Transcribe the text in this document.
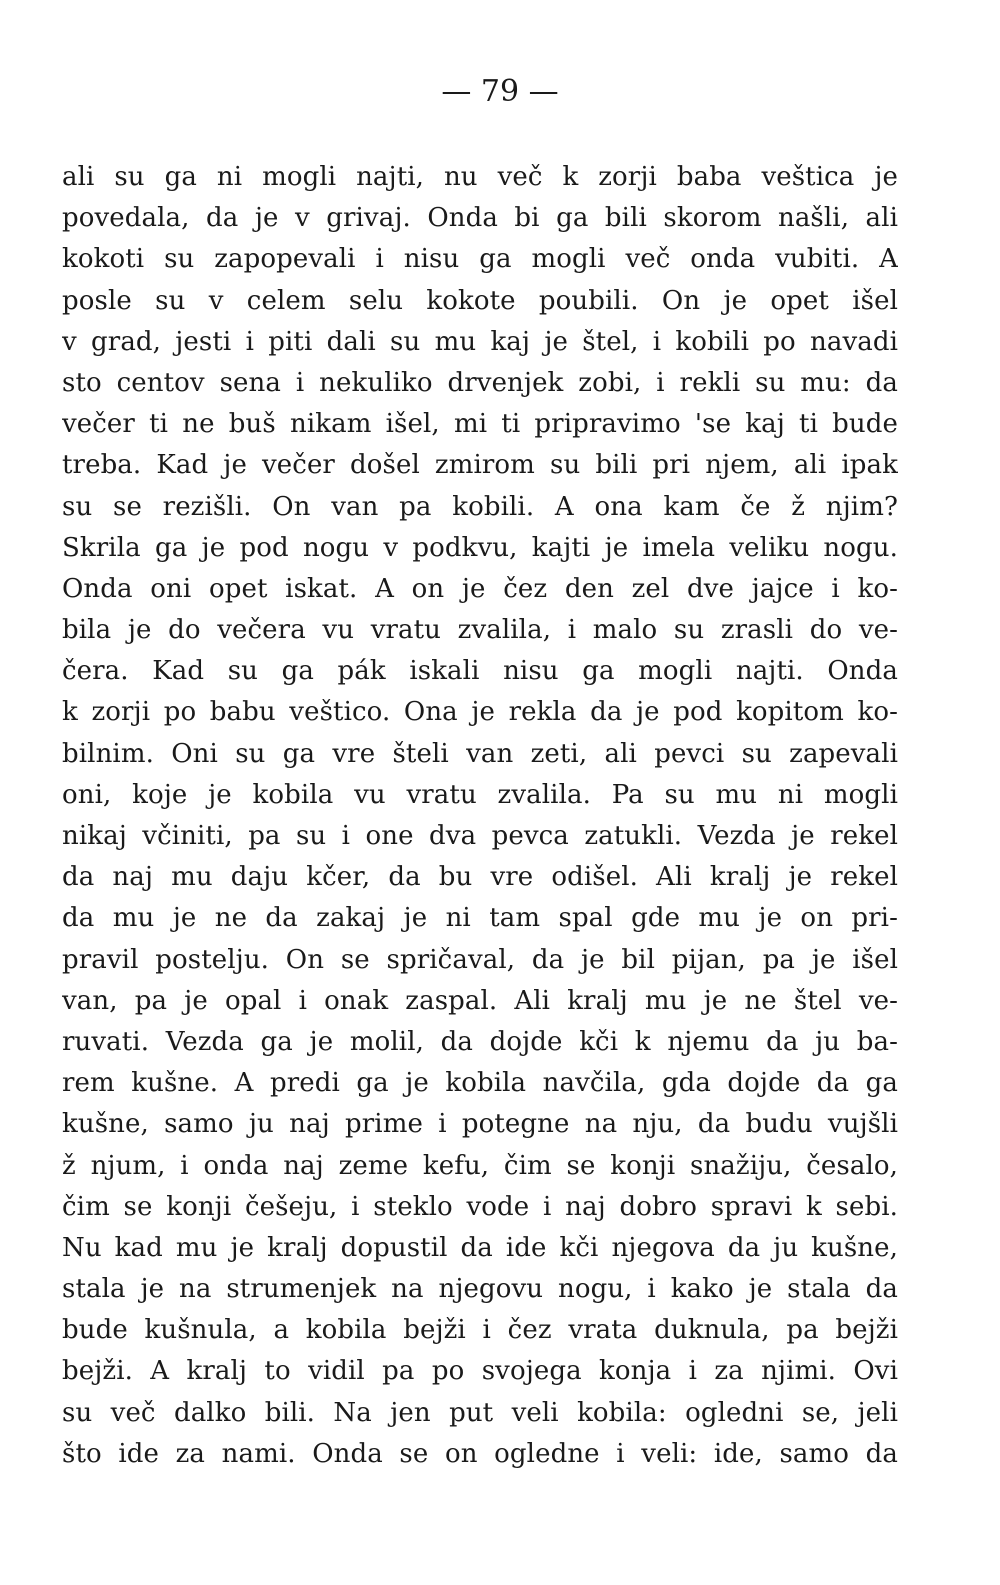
— 79 —
ali su ga ni mogli najti, nu več k zorji baba veštica je
povedala, da je v grivaj. Onda bi ga bili skorom našli, ali
kokoti su zapopevali i nisu ga mogli več onda vubiti. A
posle su v celem selu kokote poubili. On je opet išel
v grad, jesti i piti dali su mu kaj je štel, i kobili po navadi
sto centov sena i nekuliko drvenjek zobi, i rekli su mu: da
večer ti ne buš nikam išel, mi ti pripravimo 'se kaj ti bude
treba. Kad je večer došel zmirom su bili pri njem, ali ipak
su se rezišli. On van pa kobili. A ona kam če ž njim?
Skrila ga je pod nogu v podkvu, kajti je imela veliku nogu.
Onda oni opet iskat. A on je čez den zel dve jajce i ko-
bila je do večera vu vratu zvalila, i malo su zrasli do ve-
čera. Kad su ga pák iskali nisu ga mogli najti. Onda
k zorji po babu veštico. Ona je rekla da je pod kopitom ko-
bilnim. Oni su ga vre šteli van zeti, ali pevci su zapevali
oni, koje je kobila vu vratu zvalila. Pa su mu ni mogli
nikaj včiniti, pa su i one dva pevca zatukli. Vezda je rekel
da naj mu daju kčer, da bu vre odišel. Ali kralj je rekel
da mu je ne da zakaj je ni tam spal gde mu je on pri-
pravil postelju. On se spričaval, da je bil pijan, pa je išel
van, pa je opal i onak zaspal. Ali kralj mu je ne štel ve-
ruvati. Vezda ga je molil, da dojde kči k njemu da ju ba-
rem kušne. A predi ga je kobila navčila, gda dojde da ga
kušne, samo ju naj prime i potegne na nju, da budu vujšli
ž njum, i onda naj zeme kefu, čim se konji snažiju, česalo,
čim se konji češeju, i steklo vode i naj dobro spravi k sebi.
Nu kad mu je kralj dopustil da ide kči njegova da ju kušne,
stala je na strumenjek na njegovu nogu, i kako je stala da
bude kušnula, a kobila bejži i čez vrata duknula, pa bejži
bejži. A kralj to vidil pa po svojega konja i za njimi. Ovi
su več dalko bili. Na jen put veli kobila: ogledni se, jeli
što ide za nami. Onda se on ogledne i veli: ide, samo da
